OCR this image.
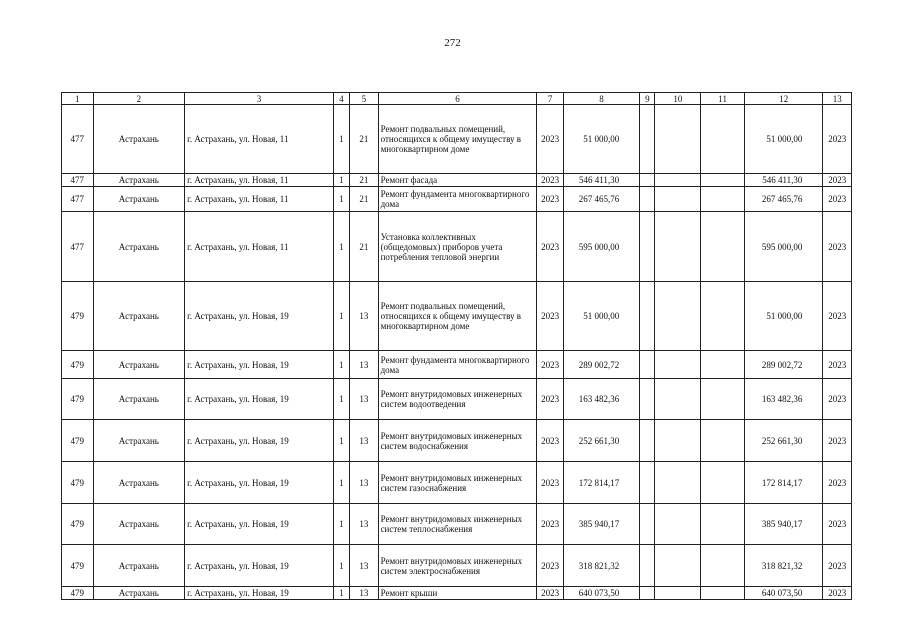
272
1	2	3	4	5	6	7	8	9	10	11	12	13
477	Астрахань	г. Астрахань, ул. Новая, 11	1	21	Ремонт подвальных помещений, относящихся к общему имуществу в многоквартирном доме	2023	51 000,00				51 000,00	2023
477	Астрахань	г. Астрахань, ул. Новая, 11	1	21	Ремонт фасада	2023	546 411,30				546 411,30	2023
477	Астрахань	г. Астрахань, ул. Новая, 11	1	21	Ремонт фундамента многоквартирного дома	2023	267 465,76				267 465,76	2023
477	Астрахань	г. Астрахань, ул. Новая, 11	1	21	Установка коллективных (общедомовых) приборов учета потребления тепловой энергии	2023	595 000,00				595 000,00	2023
479	Астрахань	г. Астрахань, ул. Новая, 19	1	13	Ремонт подвальных помещений, относящихся к общему имуществу в многоквартирном доме	2023	51 000,00				51 000,00	2023
479	Астрахань	г. Астрахань, ул. Новая, 19	1	13	Ремонт фундамента многоквартирного дома	2023	289 002,72				289 002,72	2023
479	Астрахань	г. Астрахань, ул. Новая, 19	1	13	Ремонт внутридомовых инженерных систем водоотведения	2023	163 482,36				163 482,36	2023
479	Астрахань	г. Астрахань, ул. Новая, 19	1	13	Ремонт внутридомовых инженерных систем водоснабжения	2023	252 661,30				252 661,30	2023
479	Астрахань	г. Астрахань, ул. Новая, 19	1	13	Ремонт внутридомовых инженерных систем газоснабжения	2023	172 814,17				172 814,17	2023
479	Астрахань	г. Астрахань, ул. Новая, 19	1	13	Ремонт внутридомовых инженерных систем теплоснабжения	2023	385 940,17				385 940,17	2023
479	Астрахань	г. Астрахань, ул. Новая, 19	1	13	Ремонт внутридомовых инженерных систем электроснабжения	2023	318 821,32				318 821,32	2023
479	Астрахань	г. Астрахань, ул. Новая, 19	1	13	Ремонт крыши	2023	640 073,50				640 073,50	2023
